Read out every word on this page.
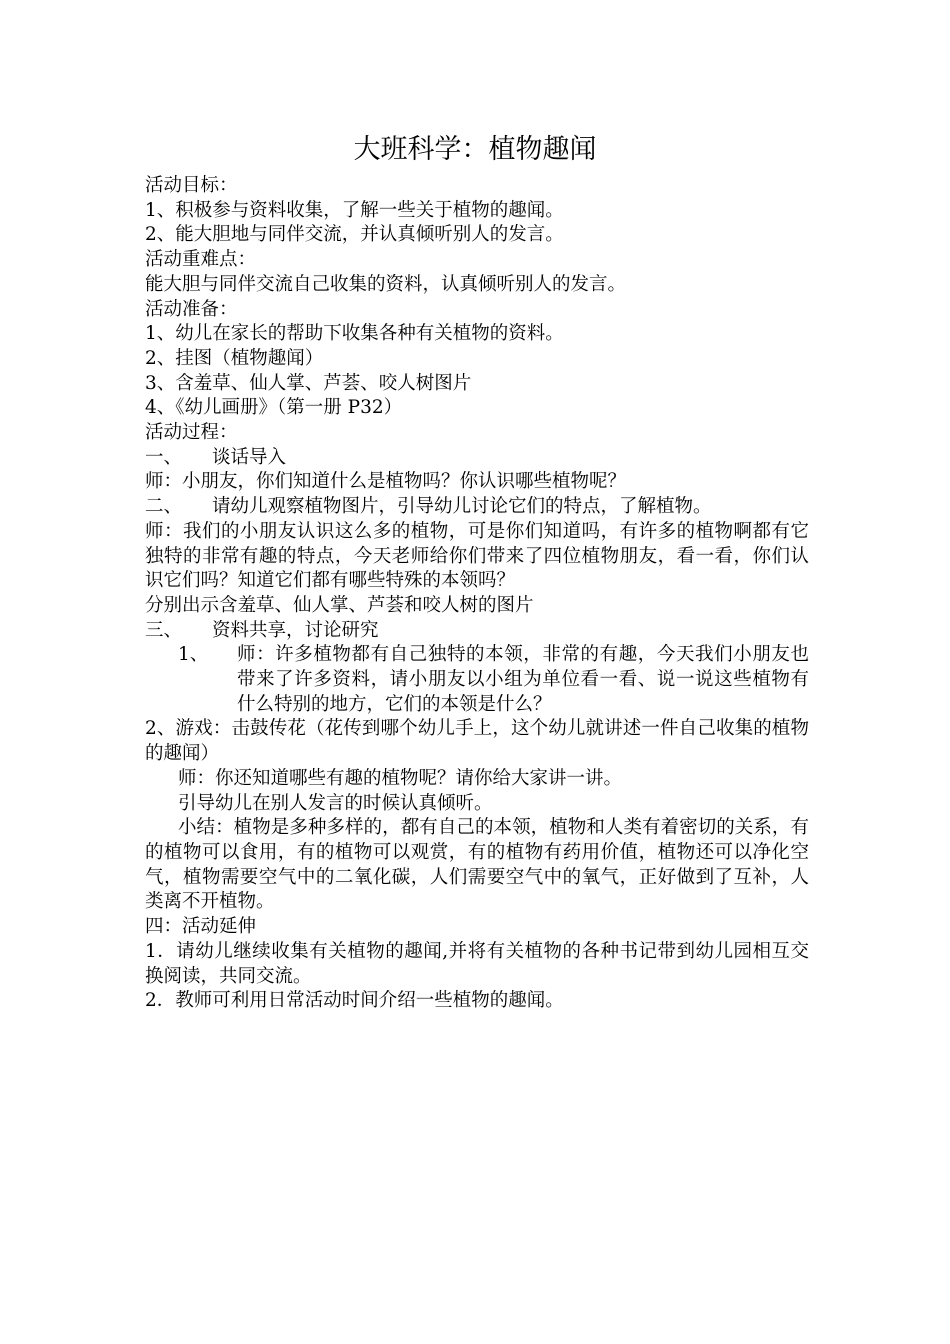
大班科学：植物趣闻
活动目标：
1、积极参与资料收集，了解一些关于植物的趣闻。
2、能大胆地与同伴交流，并认真倾听别人的发言。
活动重难点：
能大胆与同伴交流自己收集的资料，认真倾听别人的发言。
活动准备：
1、幼儿在家长的帮助下收集各种有关植物的资料。
2、挂图（植物趣闻）
3、含羞草、仙人掌、芦荟、咬人树图片
4、《幼儿画册》（第一册 P32）
活动过程：
一、 谈话导入
师：小朋友，你们知道什么是植物吗？你认识哪些植物呢？
二、 请幼儿观察植物图片，引导幼儿讨论它们的特点，了解植物。
师：我们的小朋友认识这么多的植物，可是你们知道吗，有许多的植物啊都有它独特的非常有趣的特点，今天老师给你们带来了四位植物朋友，看一看，你们认识它们吗？知道它们都有哪些特殊的本领吗？
分别出示含羞草、仙人掌、芦荟和咬人树的图片
三、 资料共享，讨论研究
1、 师：许多植物都有自己独特的本领，非常的有趣，今天我们小朋友也带来了许多资料，请小朋友以小组为单位看一看、说一说这些植物有什么特别的地方，它们的本领是什么？
2、游戏：击鼓传花（花传到哪个幼儿手上，这个幼儿就讲述一件自己收集的植物的趣闻）
师：你还知道哪些有趣的植物呢？请你给大家讲一讲。
引导幼儿在别人发言的时候认真倾听。
小结：植物是多种多样的，都有自己的本领，植物和人类有着密切的关系，有的植物可以食用，有的植物可以观赏，有的植物有药用价值，植物还可以净化空气，植物需要空气中的二氧化碳，人们需要空气中的氧气，正好做到了互补，人类离不开植物。
四：活动延伸
1．请幼儿继续收集有关植物的趣闻,并将有关植物的各种书记带到幼儿园相互交换阅读，共同交流。
2．教师可利用日常活动时间介绍一些植物的趣闻。
